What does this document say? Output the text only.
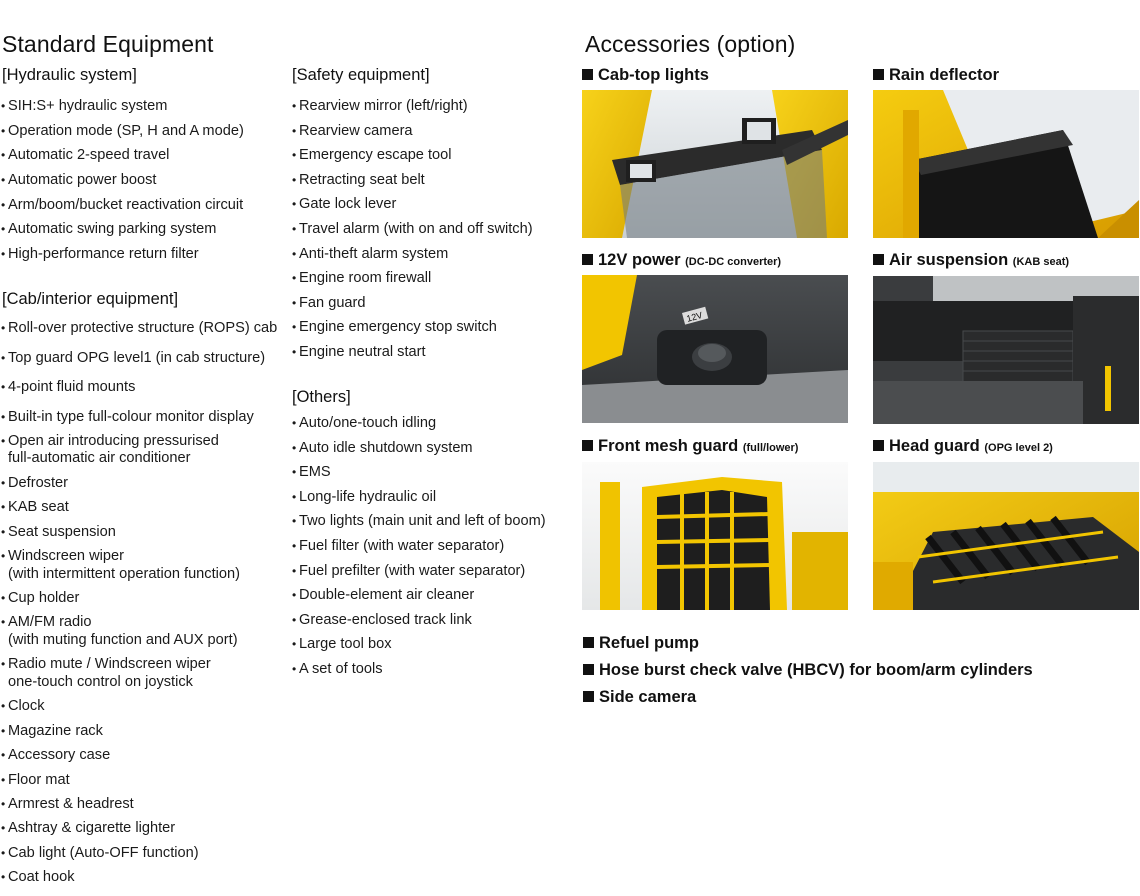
Standard Equipment
[Hydraulic system]
• SIH:S+ hydraulic system
• Operation mode (SP, H and A mode)
• Automatic 2-speed travel
• Automatic power boost
• Arm/boom/bucket reactivation circuit
• Automatic swing parking system
• High-performance return filter
[Cab/interior equipment]
• Roll-over protective structure (ROPS) cab
• Top guard OPG level1 (in cab structure)
• 4-point fluid mounts
• Built-in type full-colour monitor display
• Open air introducing pressurised
full-automatic air conditioner
• Defroster
• KAB seat
• Seat suspension
• Windscreen wiper
(with intermittent operation function)
• Cup holder
• AM/FM radio
(with muting function and AUX port)
• Radio mute / Windscreen wiper
one-touch control on joystick
• Clock
• Magazine rack
• Accessory case
• Floor mat
• Armrest & headrest
• Ashtray & cigarette lighter
• Cab light (Auto-OFF function)
• Coat hook
[Safety equipment]
• Rearview mirror (left/right)
• Rearview camera
• Emergency escape tool
• Retracting seat belt
• Gate lock lever
• Travel alarm (with on and off switch)
• Anti-theft alarm system
• Engine room firewall
• Fan guard
• Engine emergency stop switch
• Engine neutral start
[Others]
• Auto/one-touch idling
• Auto idle shutdown system
• EMS
• Long-life hydraulic oil
• Two lights (main unit and left of boom)
• Fuel filter (with water separator)
• Fuel prefilter (with water separator)
• Double-element air cleaner
• Grease-enclosed track link
• Large tool box
• A set of tools
Accessories (option)
Cab-top lights	Rain deflector
12V power (DC-DC converter)	Air suspension (KAB seat)
Front mesh guard (full/lower)	Head guard (OPG level 2)
12V
Refuel pump
Hose burst check valve (HBCV) for boom/arm cylinders
Side camera
